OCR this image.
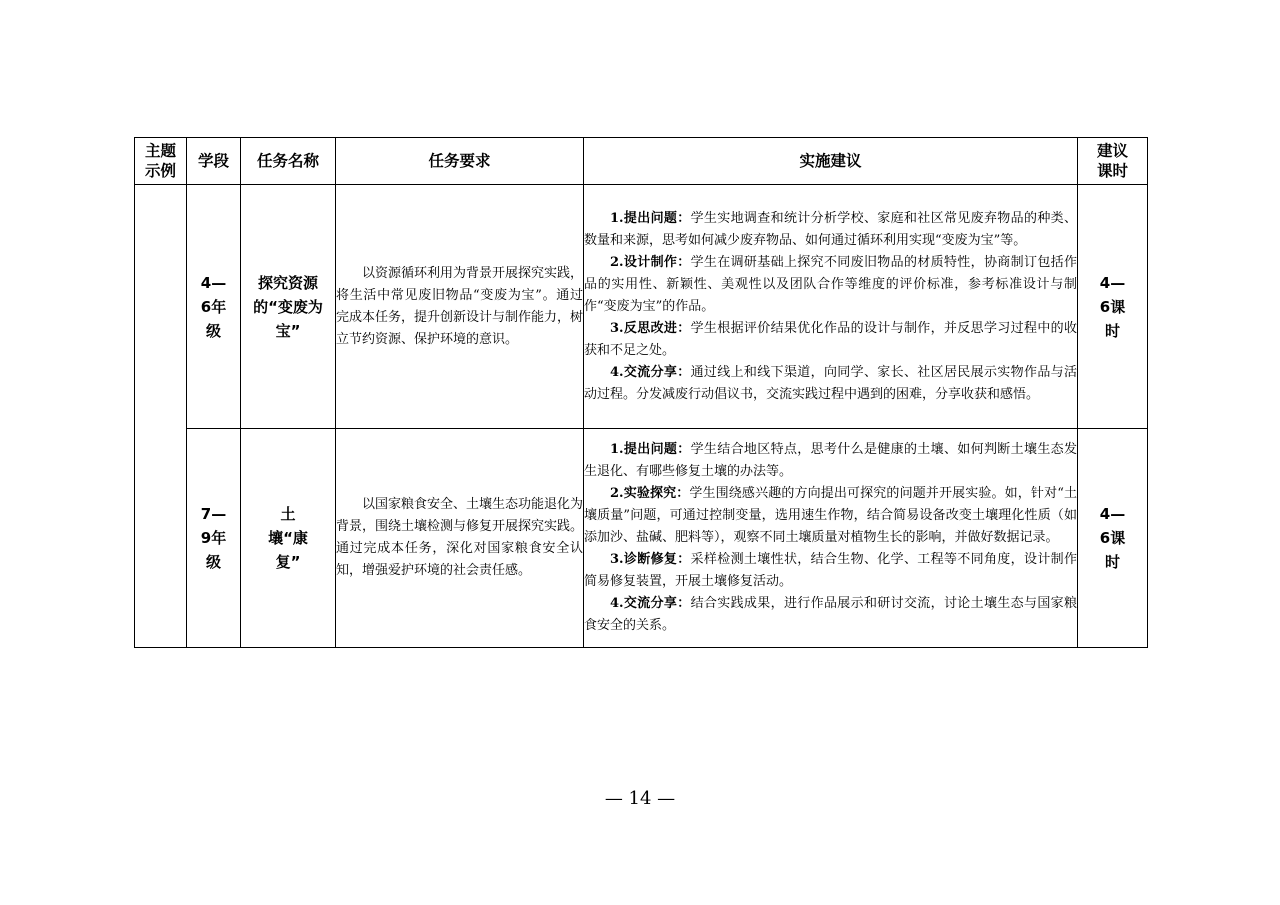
主题示例	学段	任务名称	任务要求	实施建议	建议课时

	4—6年级	探究资源的“变废为宝”	以资源循环利用为背景开展探究实践，将生活中常见废旧物品“变废为宝”。通过完成本任务，提升创新设计与制作能力，树立节约资源、保护环境的意识。	1.提出问题：学生实地调查和统计分析学校、家庭和社区常见废弃物品的种类、数量和来源，思考如何减少废弃物品、如何通过循环利用实现“变废为宝”等。

2.设计制作：学生在调研基础上探究不同废旧物品的材质特性，协商制订包括作品的实用性、新颖性、美观性以及团队合作等维度的评价标准，参考标准设计与制作“变废为宝”的作品。

3.反思改进：学生根据评价结果优化作品的设计与制作，并反思学习过程中的收获和不足之处。

4.交流分享：通过线上和线下渠道，向同学、家长、社区居民展示实物作品与活动过程。分发减废行动倡议书，交流实践过程中遇到的困难，分享收获和感悟。	4—6课时

	7—9年级	土壤“康复”	以国家粮食安全、土壤生态功能退化为背景，围绕土壤检测与修复开展探究实践。通过完成本任务，深化对国家粮食安全认知，增强爱护环境的社会责任感。	1.提出问题：学生结合地区特点，思考什么是健康的土壤、如何判断土壤生态发生退化、有哪些修复土壤的办法等。

2.实验探究：学生围绕感兴趣的方向提出可探究的问题并开展实验。如，针对“土壤质量”问题，可通过控制变量，选用速生作物，结合简易设备改变土壤理化性质（如添加沙、盐碱、肥料等），观察不同土壤质量对植物生长的影响，并做好数据记录。

3.诊断修复：采样检测土壤性状，结合生物、化学、工程等不同角度，设计制作简易修复装置，开展土壤修复活动。

4.交流分享：结合实践成果，进行作品展示和研讨交流，讨论土壤生态与国家粮食安全的关系。	4—6课时
— 14 —
